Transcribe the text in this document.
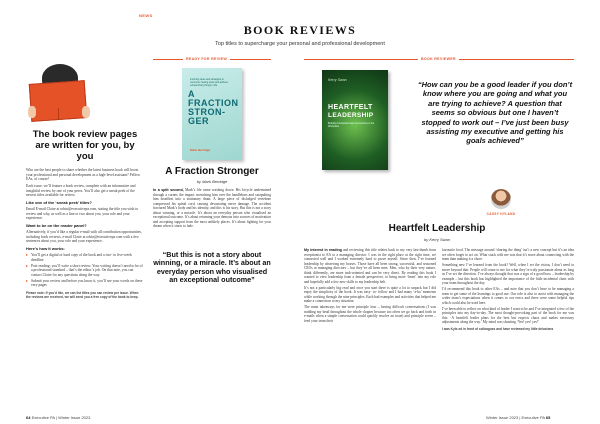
NEWS
BOOK REVIEWS
Top titles to supercharge your personal and professional development
READY FOR REVIEW	BOOK REVIEWER
The book review pages are written for you, by you

Who are the best people to share whether the latest business book will boost your professional and personal development as a high-level assistant? Fellow EAs, of course!

Each issue, we’ll feature a book review, complete with an informative and insightful review by one of your peers. You’ll also get a sneak peek of the newest titles available for review.

Like one of the ‘sneak peek’ titles?

Email E-mail Claire at robin@executivepa.com, stating the title you wish to review and why, as well as a line or two about you, your role and your experience.

Want to be on the reader panel?

Alternatively, if you’d like a regular e-mail with all contribution opportunities, including book reviews, e-mail Claire at robin@executivepa.com with a few sentences about you, your role and your experience.

Here’s how it works:
▸ You’ll get a digital or hard copy of the book and a two- to five-week deadline
▸ Post-reading: you’ll write a short review. Your writing doesn’t need to be of a professional standard – that’s the editor’s job. On that note, you can contact Claire for any questions along the way.
▸ Submit your review and before you know it, you’ll see your words on these very pages
Please note: If you’d like, we can list titles you can review per issue. When the reviews are received, we will send you a free copy of the book to keep.
Inspiring ideas and strategies to overcome feeling stuck and achieve extraordinary things in life
A
FRACTION
STRON-
GER
Mark Berridge
A Fraction Stronger
by Mark Berridge
In a split second, Mark’s life came crashing down. His bicycle undermined through a corner, the impact wrenching him over the handlebars and catapulting him headfirst into a stationary drain. A large piece of dislodged vertebrae compressed his spinal cord, causing devastating nerve damage. The accident fractured Mark’s body and his identity, and this is his story. But this is not a story about winning, or a miracle. It’s about an everyday person who visualised an exceptional outcome. It’s about returning your demons into sources of motivation and accepting support from the most unlikely places. It’s about fighting for your dream when it starts to fade.
“But this is not a story about winning, or a miracle. It’s about an everyday person who visualised an exceptional outcome”
Kerry Swan
HEARTFELT
LEADERSHIP
Building Compassionate Connections in the Workplace
“How can you be a good leader if you don’t know where you are going and what you are trying to achieve? A question that seems so obvious but one I haven’t stopped to work out – I’ve just been busy assisting my executive and getting his goals achieved”
CASSY HYLAND
Heartfelt Leadership
by Kerry Swan

My interest in reading and reviewing this title relates back to my very last-dumb from receptionist to EA to a managing director. I was in the right place at the right time, we connected well and I worked extremely hard to prove myself. Since then, I’ve learned leadership by observing my bosses. Those have all been strong, successful, and seasoned CEOs or managing directors – but they’ve all been men. Men, who by their very nature, think differently, are more task-oriented and can be very direct. By reading this book I wanted to view leadership from a female perspective, to bring more ‘heart’ into my role and hopefully add a few new skills to my leadership belt.

It’s not a particularly big read and once you start there is quite a lot to unpack but I did enjoy the simplicity of the book. It was easy- to- follow and I had many ‘a-ha’ moments while working through the nine principles. Each had examples and activities that helped me make a connection to my situation.

The main takeaways for me were principle four – having difficult conversations (I was nodding my head throughout the whole chapter because too often we go back and forth in e-mails when a simple conversation could quickly resolve an issue) and principle seven – feed your team their

favourite food. The message around ‘sharing the thing’ isn’t a new concept but it’s an idea we often forget to act on. What stuck with me was that it’s more about connecting with the team than making it a chore.

Something new I’ve learned from the book? Well, when I set the vision, I don’t need to move beyond that. People will come to me for what they’re truly passionate about as long as I’ve set the direction. I’ve always thought that was a sign of a good boss – leadership by example – but this book has highlighted the importance of the little incidental chats with your team throughout the day.

I’d recommend this book to other EAs – and note that you don’t have to be managing a team to get some of the learnings to good use. Our role is also to assist with managing the wider team’s expectations when it comes to our execs and there were some helpful tips which could also be used here.

I’ve been able to reflect on what kind of leader I want to be and I’ve integrated a few of the principles into my day-to-day. The most thought-provoking part of the book for me was this: ‘A heartfelt leader plans for the best but expects chaos and makes necessary adjustments along the way.’ My mind was shouting ‘Yes! yes! yes!’

I was Kyle-ed in front of colleagues and have reviewed my little delusions
64 Executive PA | Winter Issue 2023	Winter Issue 2023 | Executive PA 65
